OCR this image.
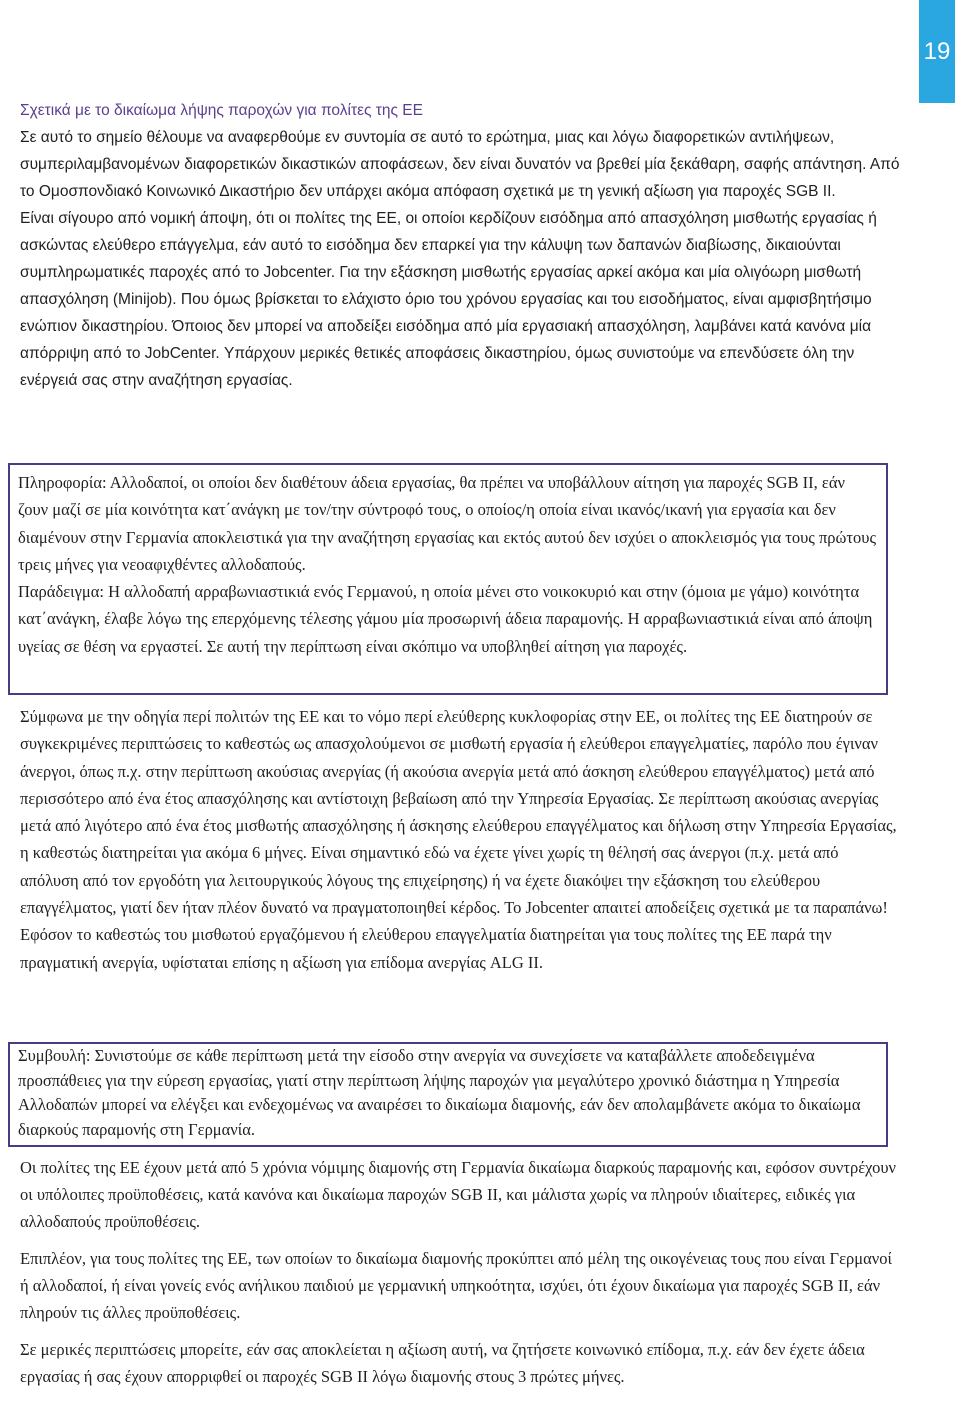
19

Σχετικά με το δικαίωμα λήψης παροχών για πολίτες της ΕΕ

Σε αυτό το σημείο θέλουμε να αναφερθούμε εν συντομία σε αυτό το ερώτημα, μιας και λόγω διαφορετικών αντιλήψεων, συμπεριλαμβανομένων διαφορετικών δικαστικών αποφάσεων, δεν είναι δυνατόν να βρεθεί μία ξεκάθαρη, σαφής απάντηση. Από το Ομοσπονδιακό Κοινωνικό Δικαστήριο δεν υπάρχει ακόμα απόφαση σχετικά με τη γενική αξίωση για παροχές SGB II.

Είναι σίγουρο από νομική άποψη, ότι οι πολίτες της ΕΕ, οι οποίοι κερδίζουν εισόδημα από απασχόληση μισθωτής εργασίας ή ασκώντας ελεύθερο επάγγελμα, εάν αυτό το εισόδημα δεν επαρκεί για την κάλυψη των δαπανών διαβίωσης, δικαιούνται συμπληρωματικές παροχές από το Jobcenter. Για την εξάσκηση μισθωτής εργασίας αρκεί ακόμα και μία ολιγόωρη μισθωτή απασχόληση (Minijob). Που όμως βρίσκεται το ελάχιστο όριο του χρόνου εργασίας και του εισοδήματος, είναι αμφισβητήσιμο ενώπιον δικαστηρίου. Όποιος δεν μπορεί να αποδείξει εισόδημα από μία εργασιακή απασχόληση, λαμβάνει κατά κανόνα μία απόρριψη από το JobCenter. Υπάρχουν μερικές θετικές αποφάσεις δικαστηρίου, όμως συνιστούμε να επενδύσετε όλη την ενέργειά σας στην αναζήτηση εργασίας.

Πληροφορία: Αλλοδαποί, οι οποίοι δεν διαθέτουν άδεια εργασίας, θα πρέπει να υποβάλλουν αίτηση για παροχές SGB II, εάν ζουν μαζί σε μία κοινότητα κατ΄ανάγκη με τον/την σύντροφό τους, ο οποίος/η οποία είναι ικανός/ικανή για εργασία και δεν διαμένουν στην Γερμανία αποκλειστικά για την αναζήτηση εργασίας και εκτός αυτού δεν ισχύει ο αποκλεισμός για τους πρώτους τρεις μήνες για νεοαφιχθέντες αλλοδαπούς.

Παράδειγμα: Η αλλοδαπή αρραβωνιαστικιά ενός Γερμανού, η οποία μένει στο νοικοκυριό και στην (όμοια με γάμο) κοινότητα κατ΄ανάγκη, έλαβε λόγω της επερχόμενης τέλεσης γάμου μία προσωρινή άδεια παραμονής. Η αρραβωνιαστικιά είναι από άποψη υγείας σε θέση να εργαστεί. Σε αυτή την περίπτωση είναι σκόπιμο να υποβληθεί αίτηση για παροχές.

Σύμφωνα με την οδηγία περί πολιτών της ΕΕ και το νόμο περί ελεύθερης κυκλοφορίας στην ΕΕ, οι πολίτες της ΕΕ διατηρούν σε συγκεκριμένες περιπτώσεις το καθεστώς ως απασχολούμενοι σε μισθωτή εργασία ή ελεύθεροι επαγγελματίες, παρόλο που έγιναν άνεργοι, όπως π.χ. στην περίπτωση ακούσιας ανεργίας (ή ακούσια ανεργία μετά από άσκηση ελεύθερου επαγγέλματος) μετά από περισσότερο από ένα έτος απασχόλησης και αντίστοιχη βεβαίωση από την Υπηρεσία Εργασίας. Σε περίπτωση ακούσιας ανεργίας μετά από λιγότερο από ένα έτος μισθωτής απασχόλησης ή άσκησης ελεύθερου επαγγέλματος και δήλωση στην Υπηρεσία Εργασίας, η καθεστώς διατηρείται για ακόμα 6 μήνες. Είναι σημαντικό εδώ να έχετε γίνει χωρίς τη θέλησή σας άνεργοι (π.χ. μετά από απόλυση από τον εργοδότη για λειτουργικούς λόγους της επιχείρησης) ή να έχετε διακόψει την εξάσκηση του ελεύθερου επαγγέλματος, γιατί δεν ήταν πλέον δυνατό να πραγματοποιηθεί κέρδος. Το Jobcenter απαιτεί αποδείξεις σχετικά με τα παραπάνω! Εφόσον το καθεστώς του μισθωτού εργαζόμενου ή ελεύθερου επαγγελματία διατηρείται για τους πολίτες της ΕΕ παρά την πραγματική ανεργία, υφίσταται επίσης η αξίωση για επίδομα ανεργίας ALG II.

Συμβουλή: Συνιστούμε σε κάθε περίπτωση μετά την είσοδο στην ανεργία να συνεχίσετε να καταβάλλετε αποδεδειγμένα προσπάθειες για την εύρεση εργασίας, γιατί στην περίπτωση λήψης παροχών για μεγαλύτερο χρονικό διάστημα η Υπηρεσία Αλλοδαπών μπορεί να ελέγξει και ενδεχομένως να αναιρέσει το δικαίωμα διαμονής, εάν δεν απολαμβάνετε ακόμα το δικαίωμα διαρκούς παραμονής στη Γερμανία.

Οι πολίτες της ΕΕ έχουν μετά από 5 χρόνια νόμιμης διαμονής στη Γερμανία δικαίωμα διαρκούς παραμονής και, εφόσον συντρέχουν οι υπόλοιπες προϋποθέσεις, κατά κανόνα και δικαίωμα παροχών SGB II, και μάλιστα χωρίς να πληρούν ιδιαίτερες, ειδικές για αλλοδαπούς προϋποθέσεις.

Επιπλέον, για τους πολίτες της ΕΕ, των οποίων το δικαίωμα διαμονής προκύπτει από μέλη της οικογένειας τους που είναι Γερμανοί ή αλλοδαποί, ή είναι γονείς ενός ανήλικου παιδιού με γερμανική υπηκοότητα, ισχύει, ότι έχουν δικαίωμα για παροχές SGB II, εάν πληρούν τις άλλες προϋποθέσεις.

Σε μερικές περιπτώσεις μπορείτε, εάν σας αποκλείεται η αξίωση αυτή, να ζητήσετε κοινωνικό επίδομα, π.χ. εάν δεν έχετε άδεια εργασίας ή σας έχουν απορριφθεί οι παροχές SGB II λόγω διαμονής στους 3 πρώτες μήνες.
